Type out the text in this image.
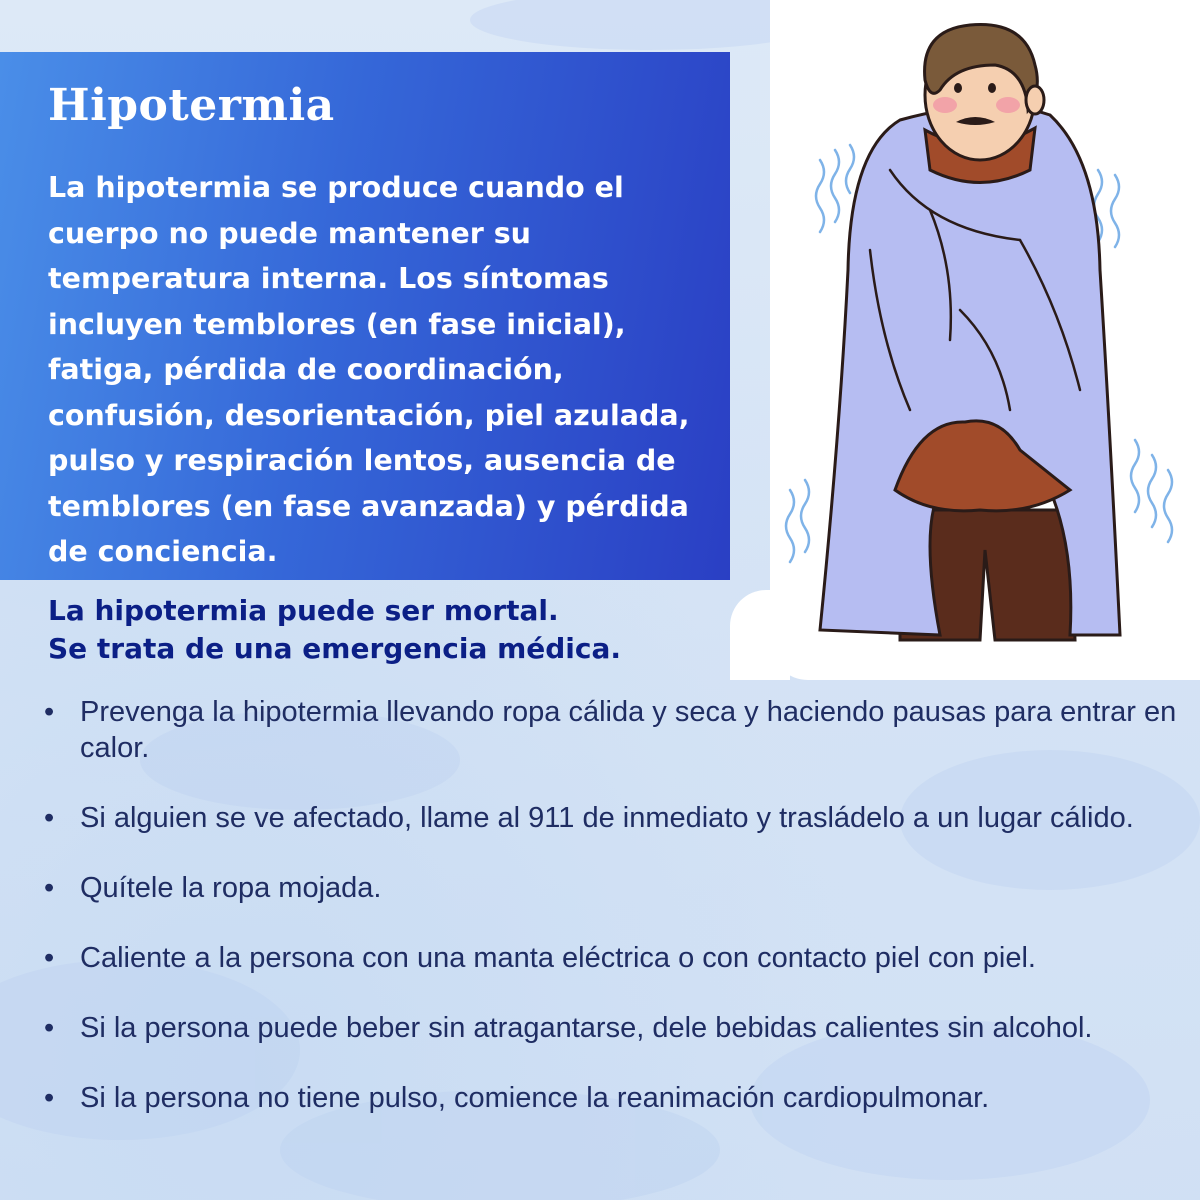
Hipotermia

La hipotermia se produce cuando el cuerpo no puede mantener su temperatura interna. Los síntomas incluyen temblores (en fase inicial), fatiga, pérdida de coordinación, confusión, desorientación, piel azulada, pulso y respiración lentos, ausencia de temblores (en fase avanzada) y pérdida de conciencia.

La hipotermia puede ser mortal.
Se trata de una emergencia médica.

• Prevenga la hipotermia llevando ropa cálida y seca y haciendo pausas para entrar en calor.
• Si alguien se ve afectado, llame al 911 de inmediato y trasládelo a un lugar cálido.
• Quítele la ropa mojada.
• Caliente a la persona con una manta eléctrica o con contacto piel con piel.
• Si la persona puede beber sin atragantarse, dele bebidas calientes sin alcohol.
• Si la persona no tiene pulso, comience la reanimación cardiopulmonar.
